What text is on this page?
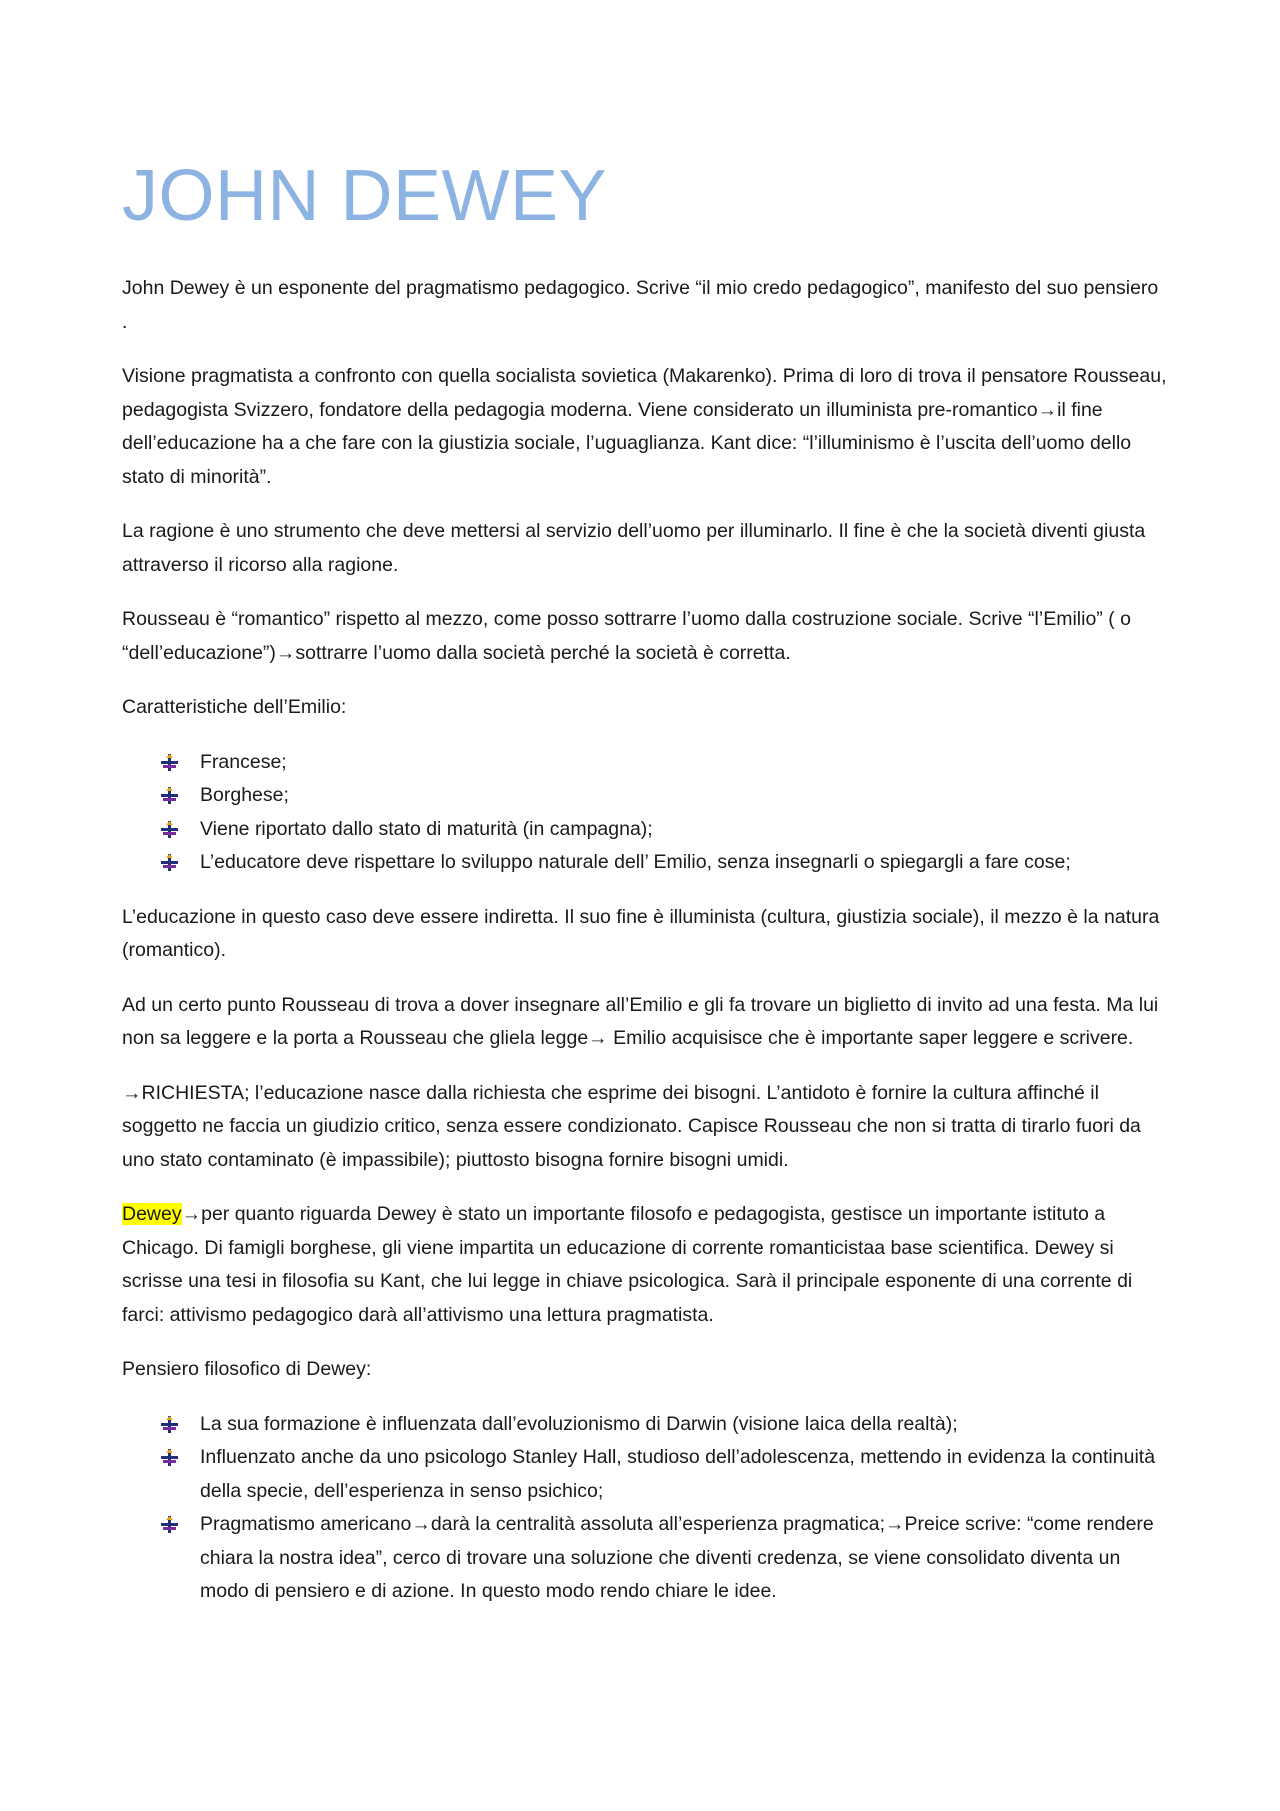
JOHN DEWEY

John Dewey è un esponente del pragmatismo pedagogico. Scrive “il mio credo pedagogico”, manifesto del suo pensiero .

Visione pragmatista a confronto con quella socialista sovietica (Makarenko). Prima di loro di trova il pensatore Rousseau, pedagogista Svizzero, fondatore della pedagogia moderna. Viene considerato un illuminista pre-romantico→il fine dell’educazione ha a che fare con la giustizia sociale, l’uguaglianza. Kant dice: “l’illuminismo è l’uscita dell’uomo dello stato di minorità”.

La ragione è uno strumento che deve mettersi al servizio dell’uomo per illuminarlo. Il fine è che la società diventi giusta attraverso il ricorso alla ragione.

Rousseau è “romantico” rispetto al mezzo, come posso sottrarre l’uomo dalla costruzione sociale. Scrive “l’Emilio” ( o “dell’educazione”)→sottrarre l’uomo dalla società perché la società è corretta.

Caratteristiche dell’Emilio:

Francese;
Borghese;
Viene riportato dallo stato di maturità (in campagna);
L’educatore deve rispettare lo sviluppo naturale dell’ Emilio, senza insegnarli o spiegargli a fare cose;

L’educazione in questo caso deve essere indiretta. Il suo fine è illuminista (cultura, giustizia sociale), il mezzo è la natura (romantico).

Ad un certo punto Rousseau di trova a dover insegnare all’Emilio e gli fa trovare un biglietto di invito ad una festa. Ma lui non sa leggere e la porta a Rousseau che gliela legge→ Emilio acquisisce che è importante saper leggere e scrivere.

→RICHIESTA; l’educazione nasce dalla richiesta che esprime dei bisogni. L’antidoto è fornire la cultura affinché il soggetto ne faccia un giudizio critico, senza essere condizionato. Capisce Rousseau che non si tratta di tirarlo fuori da uno stato contaminato (è impassibile); piuttosto bisogna fornire bisogni umidi.

Dewey→per quanto riguarda Dewey è stato un importante filosofo e pedagogista, gestisce un importante istituto a Chicago. Di famigli borghese, gli viene impartita un educazione di corrente romanticistaa base scientifica. Dewey si scrisse una tesi in filosofia su Kant, che lui legge in chiave psicologica. Sarà il principale esponente di una corrente di farci: attivismo pedagogico darà all’attivismo una lettura pragmatista.

Pensiero filosofico di Dewey:

La sua formazione è influenzata dall’evoluzionismo di Darwin (visione laica della realtà);
Influenzato anche da uno psicologo Stanley Hall, studioso dell’adolescenza, mettendo in evidenza la continuità della specie, dell’esperienza in senso psichico;
Pragmatismo americano→darà la centralità assoluta all’esperienza pragmatica;→Preice scrive: “come rendere chiara la nostra idea”, cerco di trovare una soluzione che diventi credenza, se viene consolidato diventa un modo di pensiero e di azione. In questo modo rendo chiare le idee.
